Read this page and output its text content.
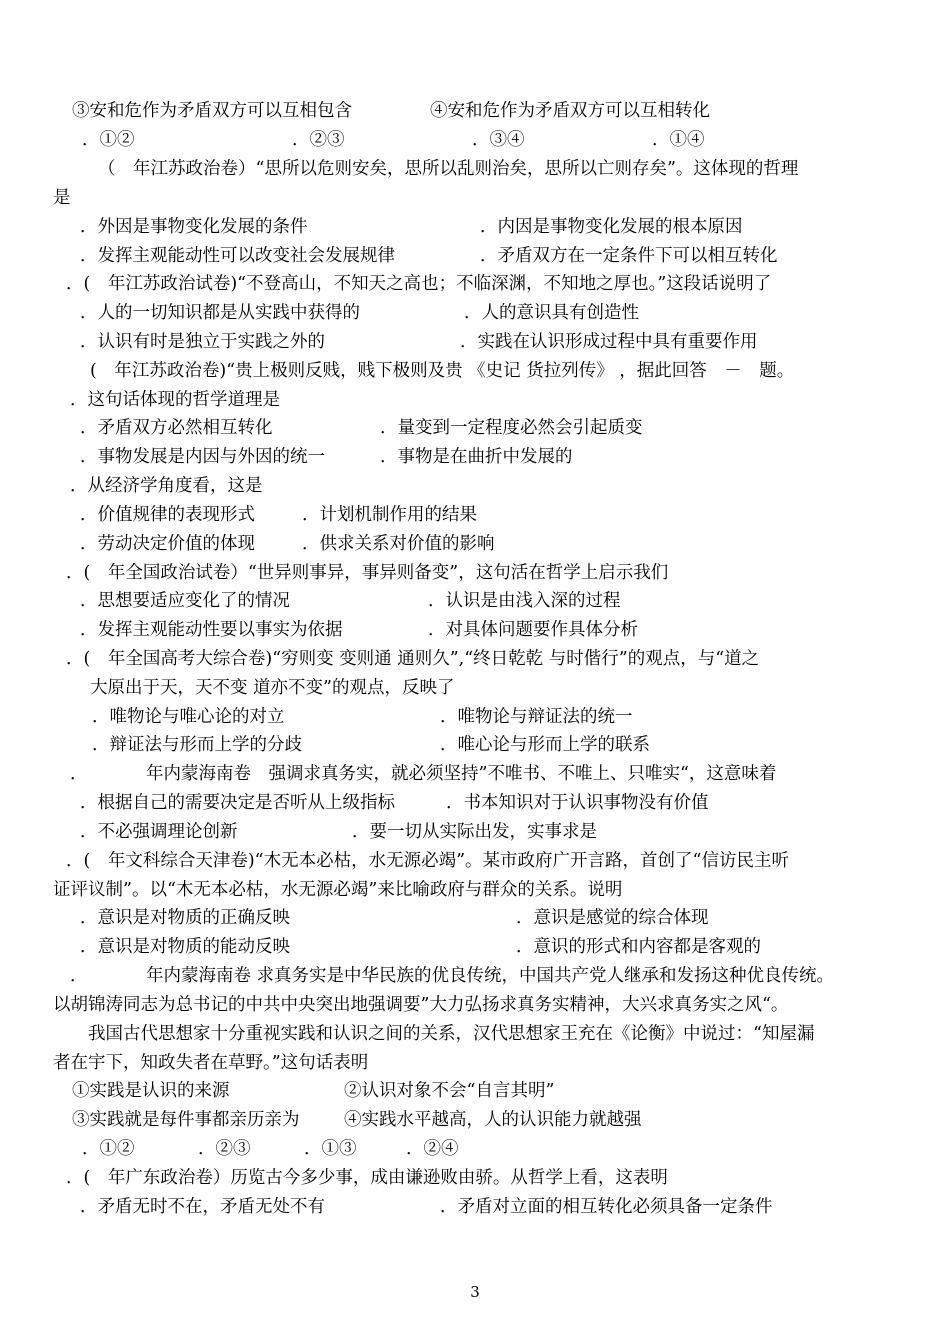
③安和危作为矛盾双方可以互相包含

	④安和危作为矛盾双方可以互相转化

．①②

	．②③

	．③④

	．①④

（　年江苏政治卷）“思所以危则安矣，思所以乱则治矣，思所以亡则存矣”。这体现的哲理

是

．外因是事物变化发展的条件

	．内因是事物变化发展的根本原因

．发挥主观能动性可以改变社会发展规律

	．矛盾双方在一定条件下可以相互转化

．(　年江苏政治试卷)“不登高山，不知天之高也；不临深渊，不知地之厚也。”这段话说明了

．人的一切知识都是从实践中获得的

	．人的意识具有创造性

．认识有时是独立于实践之外的

	．实践在认识形成过程中具有重要作用

(　年江苏政治卷)“贵上极则反贱，贱下极则及贵 《史记 货拉列传》 ，据此回答　－　题。

．这句话体现的哲学道理是

．矛盾双方必然相互转化

	．量变到一定程度必然会引起质变

．事物发展是内因与外因的统一

	．事物是在曲折中发展的

．从经济学角度看，这是

．价值规律的表现形式

	．计划机制作用的结果

．劳动决定价值的体现

	．供求关系对价值的影响

．(　年全国政治试卷）“世异则事异，事异则备变”，这句活在哲学上启示我们

．思想要适应变化了的情况

	．认识是由浅入深的过程

．发挥主观能动性要以事实为依据

	．对具体问题要作具体分析

．(　年全国高考大综合卷)“穷则变 变则通 通则久”,“终日乾乾 与时偕行”的观点，与“道之

大原出于天，天不变 道亦不变”的观点，反映了

．唯物论与唯心论的对立

	．唯物论与辩证法的统一

．辩证法与形而上学的分歧

	．唯心论与形而上学的联系

．

	年内蒙海南卷　强调求真务实，就必须坚持”不唯书、不唯上、只唯实“，这意味着

．根据自己的需要决定是否听从上级指标

	．书本知识对于认识事物没有价值

．不必强调理论创新

	．要一切从实际出发，实事求是

．(　年文科综合天津卷)“木无本必枯，水无源必竭”。某市政府广开言路，首创了“信访民主听

证评议制”。以“木无本必枯，水无源必竭”来比喻政府与群众的关系。说明

．意识是对物质的正确反映

	．意识是感觉的综合体现

．意识是对物质的能动反映

	．意识的形式和内容都是客观的

．

	年内蒙海南卷 求真务实是中华民族的优良传统，中国共产党人继承和发扬这种优良传统。

以胡锦涛同志为总书记的中共中央突出地强调要”大力弘扬求真务实精神，大兴求真务实之风“。

我国古代思想家十分重视实践和认识之间的关系，汉代思想家王充在《论衡》中说过：“知屋漏

者在宇下，知政失者在草野。”这句话表明

①实践是认识的来源

	②认识对象不会“自言其明”

③实践就是每件事都亲历亲为

	④实践水平越高，人的认识能力就越强

．①②

	．②③

	．①③

	．②④

．(　年广东政治卷）历览古今多少事，成由谦逊败由骄。从哲学上看，这表明

．矛盾无时不在，矛盾无处不有

	．矛盾对立面的相互转化必须具备一定条件

3
